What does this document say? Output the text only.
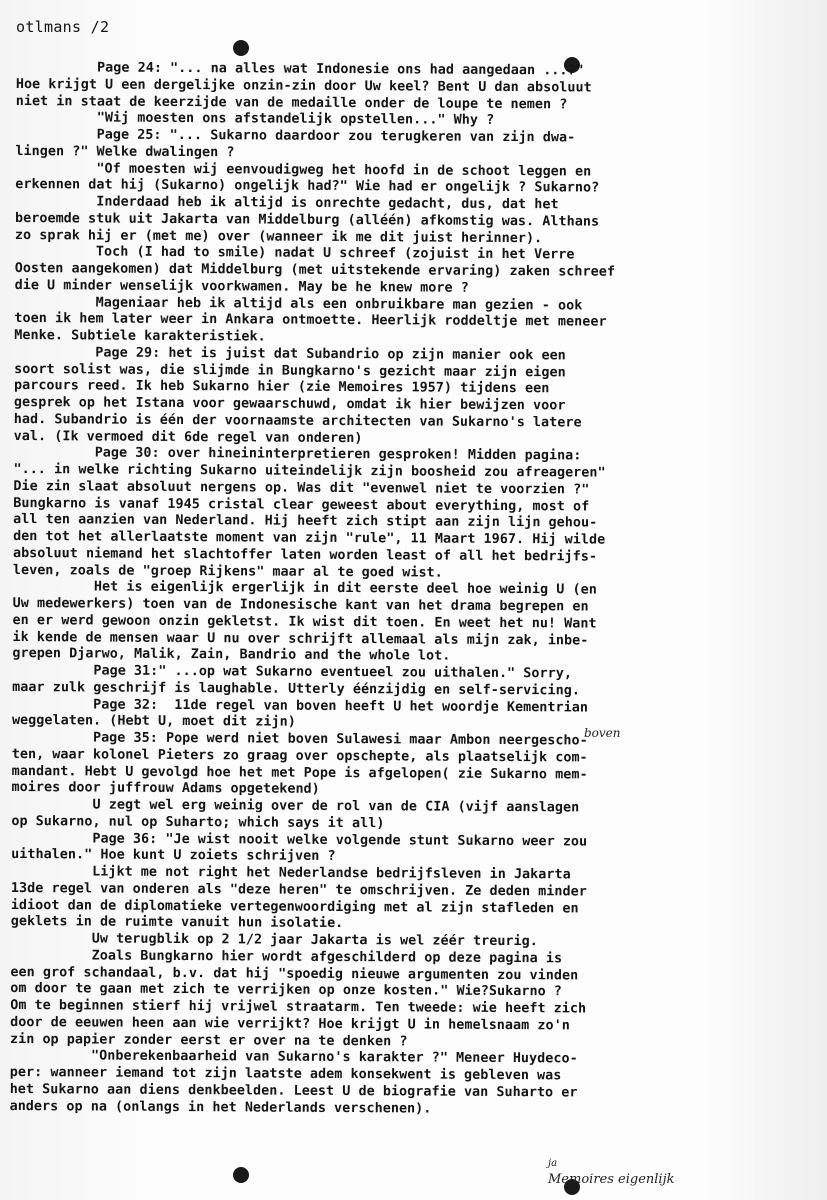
otlmans /2
Page 24: "... na alles wat Indonesie ons had aangedaan ...?"
Hoe krijgt U een dergelijke onzin-zin door Uw keel? Bent U dan absoluut
niet in staat de keerzijde van de medaille onder de loupe te nemen ?
"Wij moesten ons afstandelijk opstellen..." Why ?
Page 25: "... Sukarno daardoor zou terugkeren van zijn dwa-
lingen ?" Welke dwalingen ?
"Of moesten wij eenvoudigweg het hoofd in de schoot leggen en
erkennen dat hij (Sukarno) ongelijk had?" Wie had er ongelijk ? Sukarno?
Inderdaad heb ik altijd is onrechte gedacht, dus, dat het
beroemde stuk uit Jakarta van Middelburg (alléén) afkomstig was. Althans
zo sprak hij er (met me) over (wanneer ik me dit juist herinner).
Toch (I had to smile) nadat U schreef (zojuist in het Verre
Oosten aangekomen) dat Middelburg (met uitstekende ervaring) zaken schreef
die U minder wenselijk voorkwamen. May be he knew more ?
Mageniaar heb ik altijd als een onbruikbare man gezien - ook
toen ik hem later weer in Ankara ontmoette. Heerlijk roddeltje met meneer
Menke. Subtiele karakteristiek.
Page 29: het is juist dat Subandrio op zijn manier ook een
soort solist was, die slijmde in Bungkarno's gezicht maar zijn eigen
parcours reed. Ik heb Sukarno hier (zie Memoires 1957) tijdens een
gesprek op het Istana voor gewaarschuwd, omdat ik hier bewijzen voor
had. Subandrio is één der voornaamste architecten van Sukarno's latere
val. (Ik vermoed dit 6de regel van onderen)
Page 30: over hineininterpretieren gesproken! Midden pagina:
"... in welke richting Sukarno uiteindelijk zijn boosheid zou afreageren"
Die zin slaat absoluut nergens op. Was dit "evenwel niet te voorzien ?"
Bungkarno is vanaf 1945 cristal clear geweest about everything, most of
all ten aanzien van Nederland. Hij heeft zich stipt aan zijn lijn gehou-
den tot het allerlaatste moment van zijn "rule", 11 Maart 1967. Hij wilde
absoluut niemand het slachtoffer laten worden least of all het bedrijfs-
leven, zoals de "groep Rijkens" maar al te goed wist.
Het is eigenlijk ergerlijk in dit eerste deel hoe weinig U (en
Uw medewerkers) toen van de Indonesische kant van het drama begrepen en
en er werd gewoon onzin gekletst. Ik wist dit toen. En weet het nu! Want
ik kende de mensen waar U nu over schrijft allemaal als mijn zak, inbe-
grepen Djarwo, Malik, Zain, Bandrio and the whole lot.
Page 31:" ...op wat Sukarno eventueel zou uithalen." Sorry,
maar zulk geschrijf is laughable. Utterly éénzijdig en self-servicing.
Page 32:  11de regel van boven heeft U het woordje Kementrian
weggelaten. (Hebt U, moet dit zijn)
Page 35: Pope werd niet boven Sulawesi maar Ambon neergescho-
ten, waar kolonel Pieters zo graag over opschepte, als plaatselijk com-
mandant. Hebt U gevolgd hoe het met Pope is afgelopen( zie Sukarno mem-
moires door juffrouw Adams opgetekend)
U zegt wel erg weinig over de rol van de CIA (vijf aanslagen
op Sukarno, nul op Suharto; which says it all)
Page 36: "Je wist nooit welke volgende stunt Sukarno weer zou
uithalen." Hoe kunt U zoiets schrijven ?
Lijkt me not right het Nederlandse bedrijfsleven in Jakarta
13de regel van onderen als "deze heren" te omschrijven. Ze deden minder
idioot dan de diplomatieke vertegenwoordiging met al zijn stafleden en
geklets in de ruimte vanuit hun isolatie.
Uw terugblik op 2 1/2 jaar Jakarta is wel zéér treurig.
Zoals Bungkarno hier wordt afgeschilderd op deze pagina is
een grof schandaal, b.v. dat hij "spoedig nieuwe argumenten zou vinden
om door te gaan met zich te verrijken op onze kosten." Wie?Sukarno ?
Om te beginnen stierf hij vrijwel straatarm. Ten tweede: wie heeft zich
door de eeuwen heen aan wie verrijkt? Hoe krijgt U in hemelsnaam zo'n
zin op papier zonder eerst er over na te denken ?
"Onberekenbaarheid van Sukarno's karakter ?" Meneer Huydeco-
per: wanneer iemand tot zijn laatste adem konsekwent is gebleven was
het Sukarno aan diens denkbeelden. Leest U de biografie van Suharto er
anders op na (onlangs in het Nederlands verschenen).
boven
ja
Memoires eigenlijk
